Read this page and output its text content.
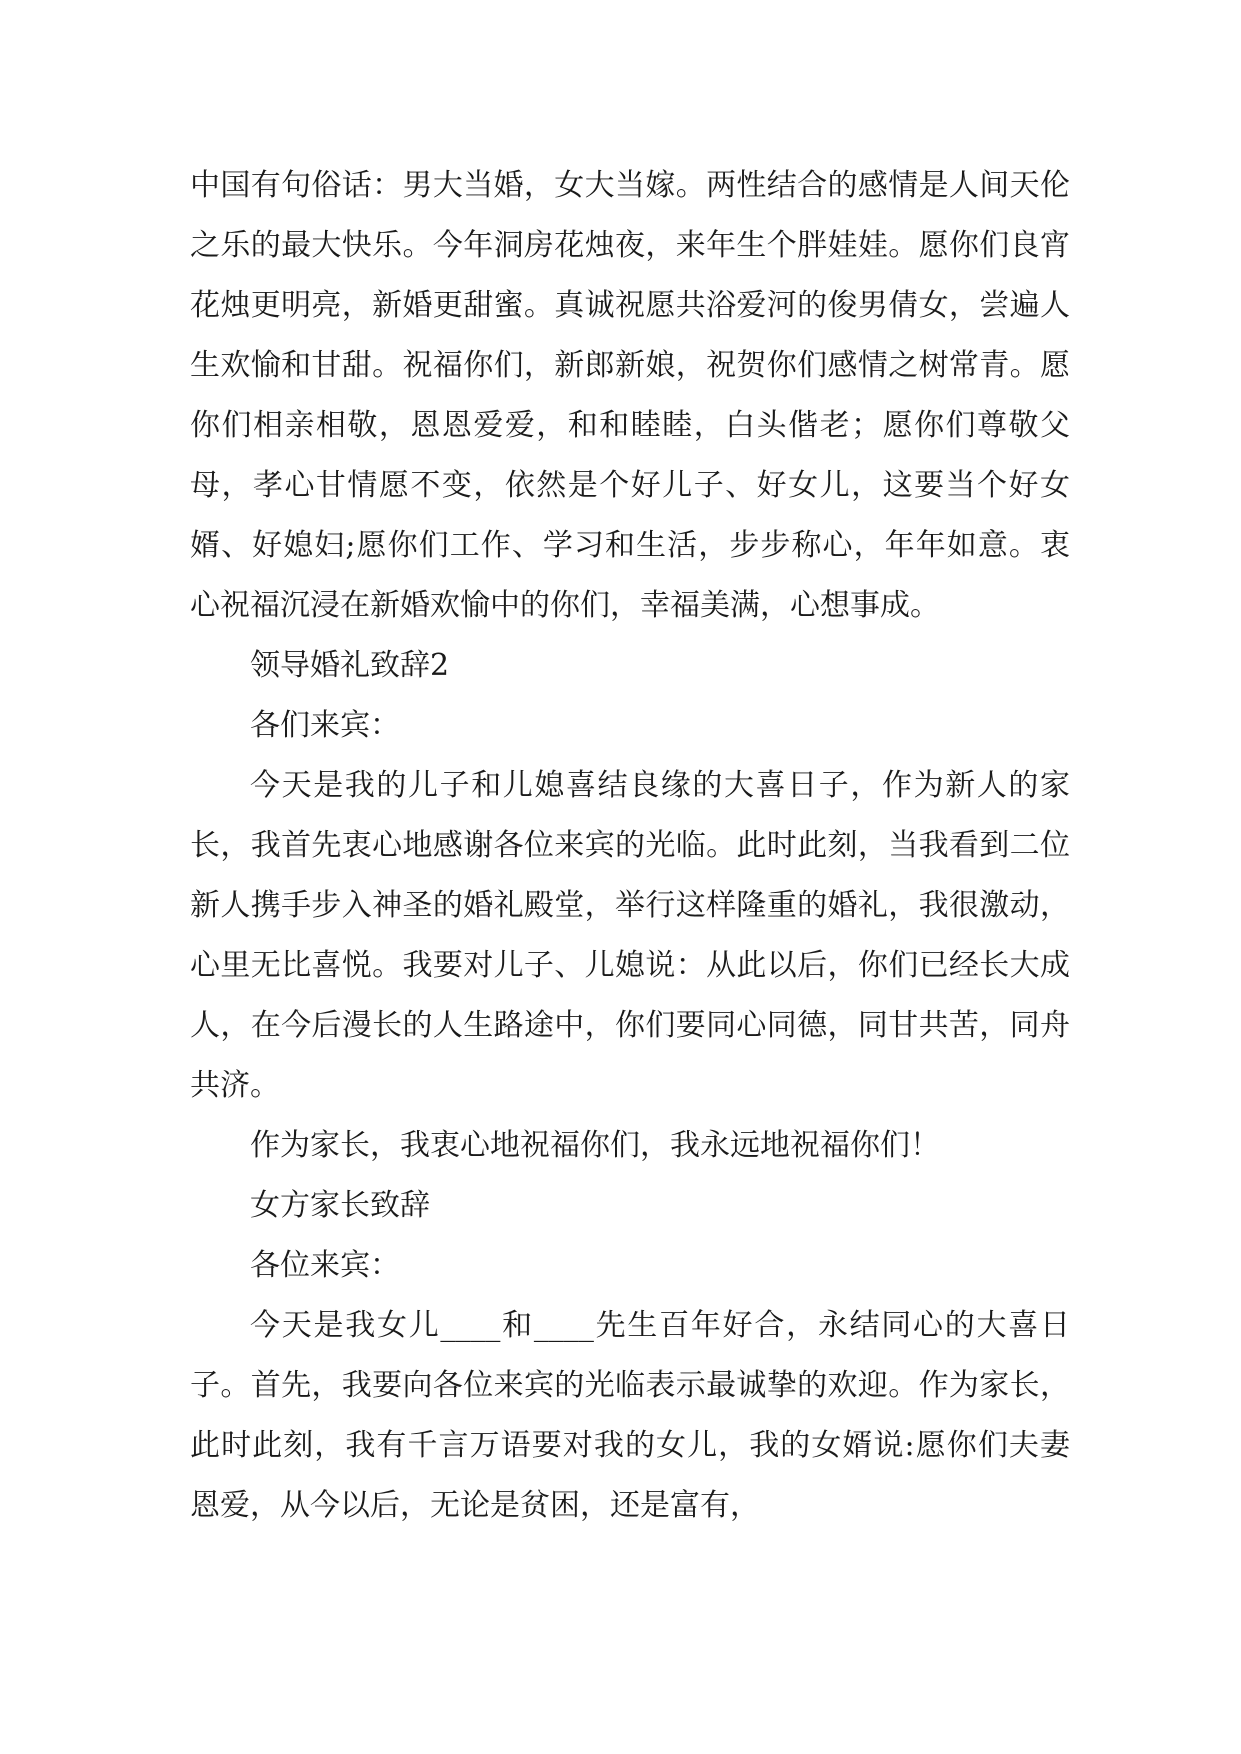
中国有句俗话：男大当婚，女大当嫁。两性结合的感情是人间天伦之乐的最大快乐。今年洞房花烛夜，来年生个胖娃娃。愿你们良宵花烛更明亮，新婚更甜蜜。真诚祝愿共浴爱河的俊男倩女，尝遍人生欢愉和甘甜。祝福你们，新郎新娘，祝贺你们感情之树常青。愿你们相亲相敬，恩恩爱爱，和和睦睦，白头偕老；愿你们尊敬父母，孝心甘情愿不变，依然是个好儿子、好女儿，这要当个好女婿、好媳妇;愿你们工作、学习和生活，步步称心，年年如意。衷心祝福沉浸在新婚欢愉中的你们，幸福美满，心想事成。

领导婚礼致辞2

各们来宾：

今天是我的儿子和儿媳喜结良缘的大喜日子，作为新人的家长，我首先衷心地感谢各位来宾的光临。此时此刻，当我看到二位新人携手步入神圣的婚礼殿堂，举行这样隆重的婚礼，我很激动，心里无比喜悦。我要对儿子、儿媳说：从此以后，你们已经长大成人，在今后漫长的人生路途中，你们要同心同德，同甘共苦，同舟共济。

作为家长，我衷心地祝福你们，我永远地祝福你们！

女方家长致辞

各位来宾：

今天是我女儿____和____先生百年好合，永结同心的大喜日子。首先，我要向各位来宾的光临表示最诚挚的欢迎。作为家长，此时此刻，我有千言万语要对我的女儿，我的女婿说:愿你们夫妻恩爱，从今以后，无论是贫困，还是富有，
